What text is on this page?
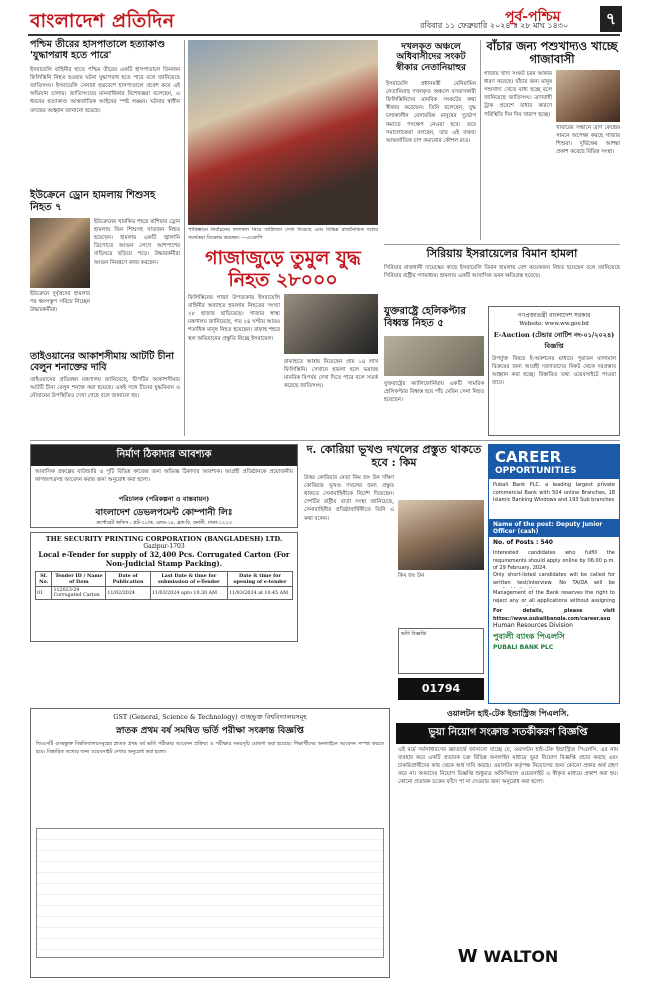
বাংলাদেশ প্রতিদিন	রবিবার ১১ ফেব্রুয়ারি ২০২৪ ॥ ২৮ মাঘ ১৪৩০
পূর্ব-পশ্চিম	৭
পশ্চিম তীরের হাসপাতালে হত্যাকাণ্ড 'যুদ্ধাপরাধ হতে পারে'
ইসরায়েলি বাহিনীর হাতে পশ্চিম তীরের একটি হাসপাতালে তিনজন ফিলিস্তিনি নিহত হওয়ার ঘটনা যুদ্ধাপরাধ হতে পারে বলে জানিয়েছে জাতিসংঘ। ইসরায়েলি সেনারা ছদ্মবেশে হাসপাতালে প্রবেশ করে এই অভিযান চালায়। জাতিসংঘের মানবাধিকার বিশেষজ্ঞরা বলেছেন, এ ধরনের হত্যাকাণ্ড আন্তর্জাতিক আইনের স্পষ্ট লঙ্ঘন। ঘটনার স্বাধীন তদন্তের আহ্বান জানানো হয়েছে।
ইউক্রেনে ড্রোন হামলায় শিশুসহ নিহত ৭
ইউক্রেনের খারকিভ শহরে রাশিয়ার ড্রোন হামলায় তিন শিশুসহ সাতজন নিহত হয়েছেন। হামলায় একটি জ্বালানি ডিপোতে আগুন লেগে আশপাশের বাড়িঘরে ছড়িয়ে পড়ে। উদ্ধারকর্মীরা আগুন নিয়ন্ত্রণে কাজ করছেন।
ইউক্রেনে দুর্বৃত্তদের হামলার পর ধ্বংসস্তূপ সরিয়ে নিচ্ছেন উদ্ধারকর্মীরা।
তাইওয়ানের আকাশসীমায় আটটি চীনা বেলুন শনাক্তের দাবি
তাইওয়ানের প্রতিরক্ষা মন্ত্রণালয় জানিয়েছে, দ্বীপটির আকাশসীমায় আটটি চীনা বেলুন শনাক্ত করা হয়েছে। একই সঙ্গে চীনের যুদ্ধবিমান ও নৌযানের উপস্থিতিও দেখা গেছে বলে জানানো হয়।
পাকিস্তানে নির্বাচনের ফলাফল নিয়ে জটিলতা দেখা দিয়েছে এবং বিভিন্ন রাজনৈতিক দলের সমর্থকরা বিক্ষোভ করছেন। —এএফপি
দখলকৃত অঞ্চলে অধিবাসীদের সংকট স্বীকার নেতানিয়াহুর
ইসরায়েলি প্রধানমন্ত্রী বেনিয়ামিন নেতানিয়াহু দখলকৃত অঞ্চলে বসবাসকারী ফিলিস্তিনিদের মানবিক সংকটের কথা স্বীকার করেছেন। তিনি বলেছেন, যুদ্ধ চলাকালীন বেসামরিক মানুষের দুর্ভোগ কমাতে পদক্ষেপ নেওয়া হবে। তবে সমালোচকরা বলছেন, তার এই বক্তব্য আন্তর্জাতিক চাপ কমানোর কৌশল মাত্র।
বাঁচার জন্য পশুখাদ্যও খাচ্ছে গাজাবাসী
গাজায় খাদ্য সংকট চরম আকার ধারণ করেছে। বাঁচার জন্য মানুষ পশুখাদ্য খেতে বাধ্য হচ্ছে বলে জানিয়েছে জাতিসংঘ। ত্রাণবাহী ট্রাক প্রবেশে বাধার কারণে পরিস্থিতি দিন দিন খারাপ হচ্ছে।
খাবারের সন্ধানে ত্রাণ কেন্দ্রের সামনে অপেক্ষা করছে গাজার শিশুরা। দুর্ভিক্ষের আশঙ্কা প্রকাশ করেছে বিভিন্ন সংস্থা।
সিরিয়ায় ইসরায়েলের বিমান হামলা
সিরিয়ার রাজধানী দামেস্কের কাছে ইসরায়েলি বিমান হামলায় বেশ কয়েকজন নিহত হয়েছেন বলে জানিয়েছে সিরিয়ার রাষ্ট্রীয় গণমাধ্যম। হামলায় একটি আবাসিক ভবন ক্ষতিগ্রস্ত হয়েছে।
গাজাজুড়ে তুমুল যুদ্ধ নিহত ২৮০০০
ফিলিস্তিনের গাজা উপত্যকায় ইসরায়েলি বাহিনীর অব্যাহত হামলায় নিহতের সংখ্যা ২৮ হাজার ছাড়িয়েছে। গাজার স্বাস্থ্য মন্ত্রণালয় জানিয়েছে, গত ২৪ ঘণ্টায় আরও শতাধিক মানুষ নিহত হয়েছেন। রাফাহ শহরে স্থল অভিযানের প্রস্তুতি নিচ্ছে ইসরায়েল।
রাফাহতে আশ্রয় নিয়েছেন প্রায় ১৪ লাখ ফিলিস্তিনি। সেখানে হামলা হলে ভয়াবহ মানবিক বিপর্যয় দেখা দিতে পারে বলে সতর্ক করেছে জাতিসংঘ।
যুক্তরাষ্ট্রে হেলিকপ্টার বিধ্বস্ত নিহত ৫
যুক্তরাষ্ট্রের ক্যালিফোর্নিয়ায় একটি সামরিক হেলিকপ্টার বিধ্বস্ত হয়ে পাঁচ মেরিন সেনা নিহত হয়েছেন।
গণপ্রজাতন্ত্রী বাংলাদেশ সরকার
Website: www.ww.gov.bd
E-Auction (টেন্ডার নোটিশ নং-০১/২০২৪) বিজ্ঞপ্তি
উপর্যুক্ত বিষয়ে ই-অকশনের মাধ্যমে পুরাতন মালামাল বিক্রয়ের জন্য আগ্রহী দরদাতাদের নিকট থেকে দরপ্রস্তাব আহ্বান করা হচ্ছে। বিস্তারিত তথ্য ওয়েবসাইটে পাওয়া যাবে।
নির্মাণ ঠিকাদার আবশ্যক
আবাসিক প্রকল্পের বাউন্ডারি ও পুটি বিভিন্ন কাজের জন্য অভিজ্ঞ ঠিকাদার আবশ্যক। আগ্রহী প্রতিষ্ঠানকে প্রয়োজনীয় কাগজপত্রসহ আবেদন করার জন্য অনুরোধ করা হলো।
পরিচালক (পরিকল্পনা ও বাস্তবায়ন)
বাংলাদেশ ডেভলপমেন্ট কোম্পানী লিঃ
কর্পোরেট অফিস : প্লট-৩১/ক, রোড-১৮, ব্লক-বি, বনানী, ঢাকা-১২১৩
দ. কোরিয়া ভূখণ্ড দখলের প্রস্তুত থাকতে হবে : কিম
উত্তর কোরিয়ার নেতা কিম জং উন দক্ষিণ কোরিয়ার ভূখণ্ড দখলের জন্য প্রস্তুত থাকতে সেনাবাহিনীকে নির্দেশ দিয়েছেন। দেশটির রাষ্ট্রীয় বার্তা সংস্থা জানিয়েছে, সেনাবাহিনীর প্রতিষ্ঠাবার্ষিকীতে তিনি এ কথা বলেন।
কিম জং উন
THE SECURITY PRINTING CORPORATION (BANGLADESH) LTD.
Gazipur-1703
Local e-Tender for supply of 32,400 Pcs. Corrugated Carton (For Non-Judicial Stamp Packing).
Sl. No.	Tender ID / Name of Item	Date of Publication	Last Date & time for submission of e-Tender	Date & time for opening of e-tender
01	112023-29 Corrugated Carton	11/02/2024	11/03/2024 upto 10.30 AM	11/03/2024 at 10.45 AM
ভর্তি বিজ্ঞপ্তি
01794 927218
CAREER
OPPORTUNITIES
Pubali Bank PLC. a leading largest private commercial Bank with 504 online Branches, 18 Islamic Banking Windows and 193 Sub branches
Name of the post: Deputy Junior Officer (cash)
No. of Posts : 540
Interested candidates who fulfill the requirements should apply online by 06:00 p.m. of 29 February, 2024.
Only short-listed candidates will be called for written test/interview. No TA/DA will be
Management of the Bank reserves the right to reject any or all applications without assigning
For details, please visit https://www.pubalibangla.com/career.asp
Human Resources Division
পুবালী ব্যাংক পিএলসি
PUBALI BANK PLC
GST (General, Science & Technology) গুচ্ছভুক্ত বিশ্ববিদ্যালয়সমূহ
স্নাতক প্রথম বর্ষ সমন্বিত ভর্তি পরীক্ষা সংক্রান্ত বিজ্ঞপ্তি
জিএসটি গুচ্ছভুক্ত বিশ্ববিদ্যালয়সমূহের স্নাতক প্রথম বর্ষ ভর্তি পরীক্ষার আবেদন প্রক্রিয়া ও পরীক্ষার সময়সূচি ঘোষণা করা হয়েছে। শিক্ষার্থীদের অনলাইনে আবেদন সম্পন্ন করতে হবে। বিস্তারিত তথ্যের জন্য ওয়েবসাইট দেখার অনুরোধ করা হলো।
ওয়ালটন হাই-টেক ইন্ডাস্ট্রিজ পিএলসি.
ভুয়া নিয়োগ সংক্রান্ত সতর্কীকরণ বিজ্ঞপ্তি
এই মর্মে সর্বসাধারণের জ্ঞাতার্থে জানানো যাচ্ছে যে, ওয়ালটন হাই-টেক ইন্ডাস্ট্রিজ পিএলসি. এর নাম ব্যবহার করে একটি প্রতারক চক্র বিভিন্ন অনলাইন মাধ্যমে ভুয়া নিয়োগ বিজ্ঞপ্তি প্রচার করছে এবং চাকরিপ্রার্থীদের কাছ থেকে অর্থ দাবি করছে। ওয়ালটন কর্তৃপক্ষ নিয়োগের জন্য কোনো প্রকার অর্থ গ্রহণ করে না। আমাদের নিয়োগ বিজ্ঞপ্তি শুধুমাত্র অফিসিয়াল ওয়েবসাইট ও স্বীকৃত মাধ্যমে প্রকাশ করা হয়। কোনো প্রতারক চক্রের ফাঁদে পা না দেওয়ার জন্য অনুরোধ করা হলো।
W WALTON
